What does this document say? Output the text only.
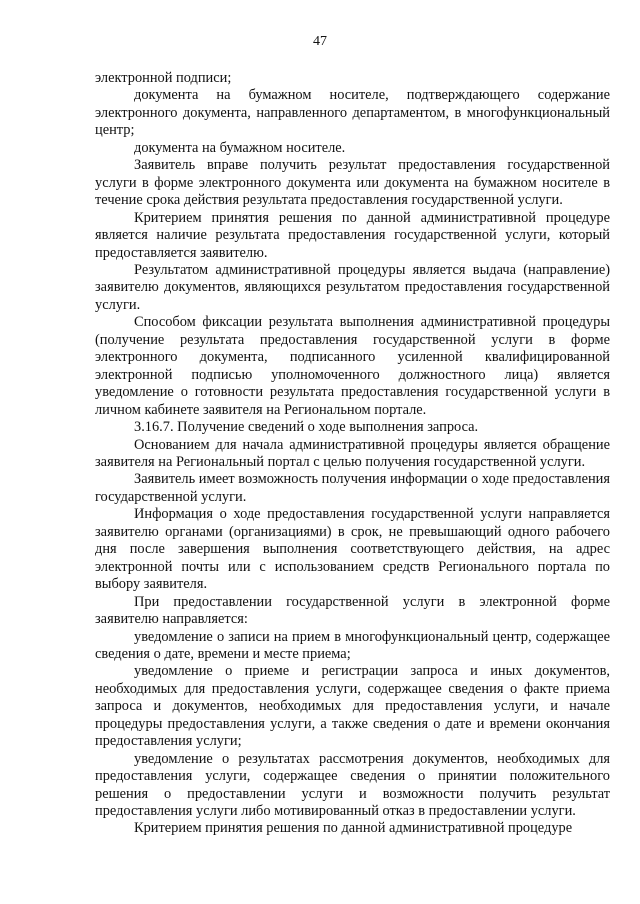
47

электронной подписи;

документа на бумажном носителе, подтверждающего содержание электронного документа, направленного департаментом, в многофункциональный центр;

документа на бумажном носителе.

Заявитель вправе получить результат предоставления государственной услуги в форме электронного документа или документа на бумажном носителе в течение срока действия результата предоставления государственной услуги.

Критерием принятия решения по данной административной процедуре является наличие результата предоставления государственной услуги, который предоставляется заявителю.

Результатом административной процедуры является выдача (направление) заявителю документов, являющихся результатом предоставления государственной услуги.

Способом фиксации результата выполнения административной процедуры (получение результата предоставления государственной услуги в форме электронного документа, подписанного усиленной квалифицированной электронной подписью уполномоченного должностного лица) является уведомление о готовности результата предоставления государственной услуги в личном кабинете заявителя на Региональном портале.

3.16.7. Получение сведений о ходе выполнения запроса.

Основанием для начала административной процедуры является обращение заявителя на Региональный портал с целью получения государственной услуги.

Заявитель имеет возможность получения информации о ходе предоставления государственной услуги.

Информация о ходе предоставления государственной услуги направляется заявителю органами (организациями) в срок, не превышающий одного рабочего дня после завершения выполнения соответствующего действия, на адрес электронной почты или с использованием средств Регионального портала по выбору заявителя.

При предоставлении государственной услуги в электронной форме заявителю направляется:

уведомление о записи на прием в многофункциональный центр, содержащее сведения о дате, времени и месте приема;

уведомление о приеме и регистрации запроса и иных документов, необходимых для предоставления услуги, содержащее сведения о факте приема запроса и документов, необходимых для предоставления услуги, и начале процедуры предоставления услуги, а также сведения о дате и времени окончания предоставления услуги;

уведомление о результатах рассмотрения документов, необходимых для предоставления услуги, содержащее сведения о принятии положительного решения о предоставлении услуги и возможности получить результат предоставления услуги либо мотивированный отказ в предоставлении услуги.

Критерием принятия решения по данной административной процедуре
